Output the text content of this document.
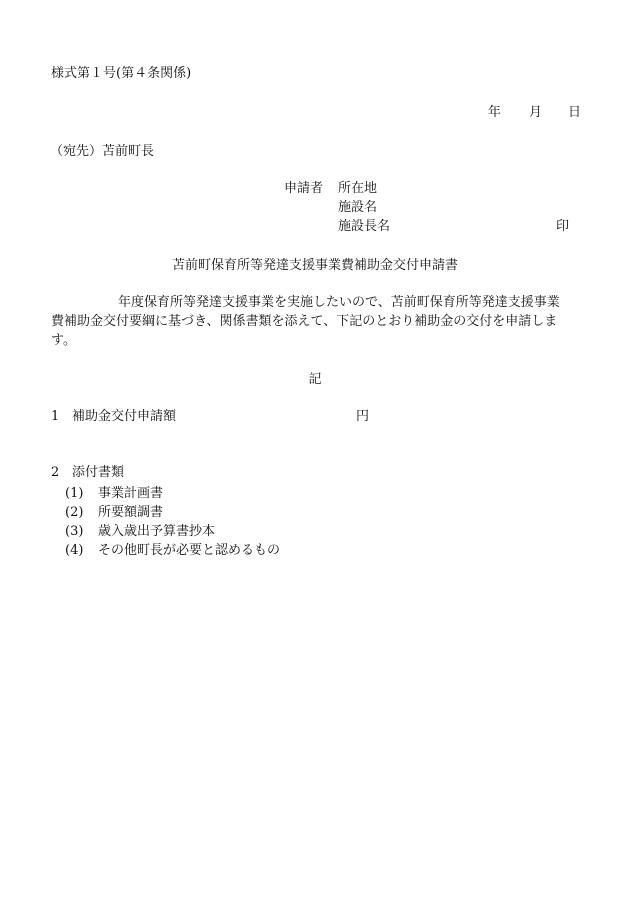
様式第１号(第４条関係)
年 月 日
（宛先）苫前町長
申請者 所在地
施設名
施設長名	印
苫前町保育所等発達支援事業費補助金交付申請書
年度保育所等発達支援事業を実施したいので、苫前町保育所等発達支援事業
費補助金交付要綱に基づき、関係書類を添えて、下記のとおり補助金の交付を申請しま
す。
記
1 補助金交付申請額	円
2 添付書類
(1) 事業計画書
(2) 所要額調書
(3) 歳入歳出予算書抄本
(4) その他町長が必要と認めるもの
